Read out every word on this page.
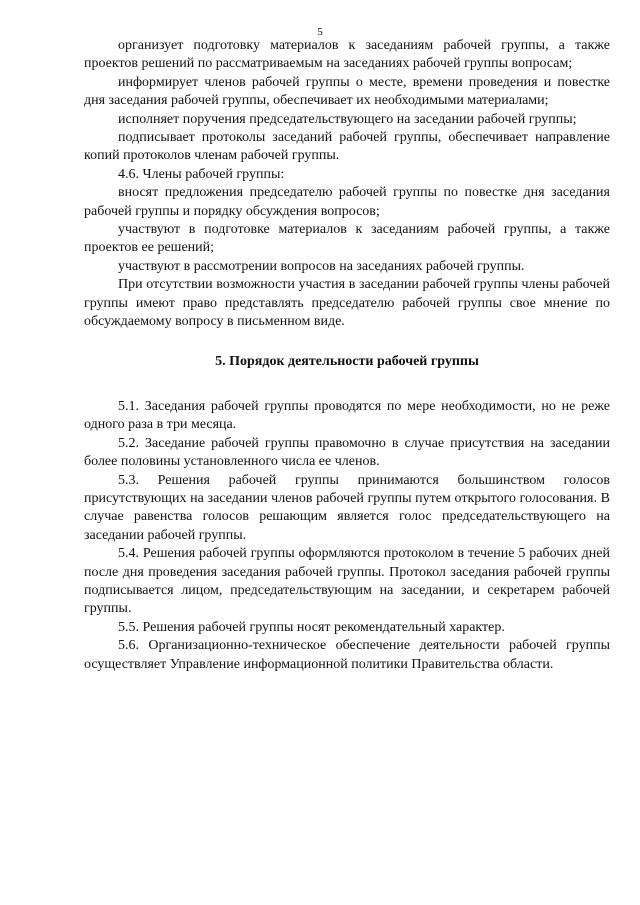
5

организует подготовку материалов к заседаниям рабочей группы, а также проектов решений по рассматриваемым на заседаниях рабочей группы вопросам;

информирует членов рабочей группы о месте, времени проведения и повестке дня заседания рабочей группы, обеспечивает их необходимыми материалами;

исполняет поручения председательствующего на заседании рабочей группы;

подписывает протоколы заседаний рабочей группы, обеспечивает направление копий протоколов членам рабочей группы.

4.6. Члены рабочей группы:

вносят предложения председателю рабочей группы по повестке дня заседания рабочей группы и порядку обсуждения вопросов;

участвуют в подготовке материалов к заседаниям рабочей группы, а также проектов ее решений;

участвуют в рассмотрении вопросов на заседаниях рабочей группы.

При отсутствии возможности участия в заседании рабочей группы члены рабочей группы имеют право представлять председателю рабочей группы свое мнение по обсуждаемому вопросу в письменном виде.

5. Порядок деятельности рабочей группы

5.1. Заседания рабочей группы проводятся по мере необходимости, но не реже одного раза в три месяца.

5.2. Заседание рабочей группы правомочно в случае присутствия на заседании более половины установленного числа ее членов.

5.3. Решения рабочей группы принимаются большинством голосов присутствующих на заседании членов рабочей группы путем открытого голосования. В случае равенства голосов решающим является голос председательствующего на заседании рабочей группы.

5.4. Решения рабочей группы оформляются протоколом в течение 5 рабочих дней после дня проведения заседания рабочей группы. Протокол заседания рабочей группы подписывается лицом, председательствующим на заседании, и секретарем рабочей группы.

5.5. Решения рабочей группы носят рекомендательный характер.

5.6. Организационно-техническое обеспечение деятельности рабочей группы осуществляет Управление информационной политики Правительства области.
